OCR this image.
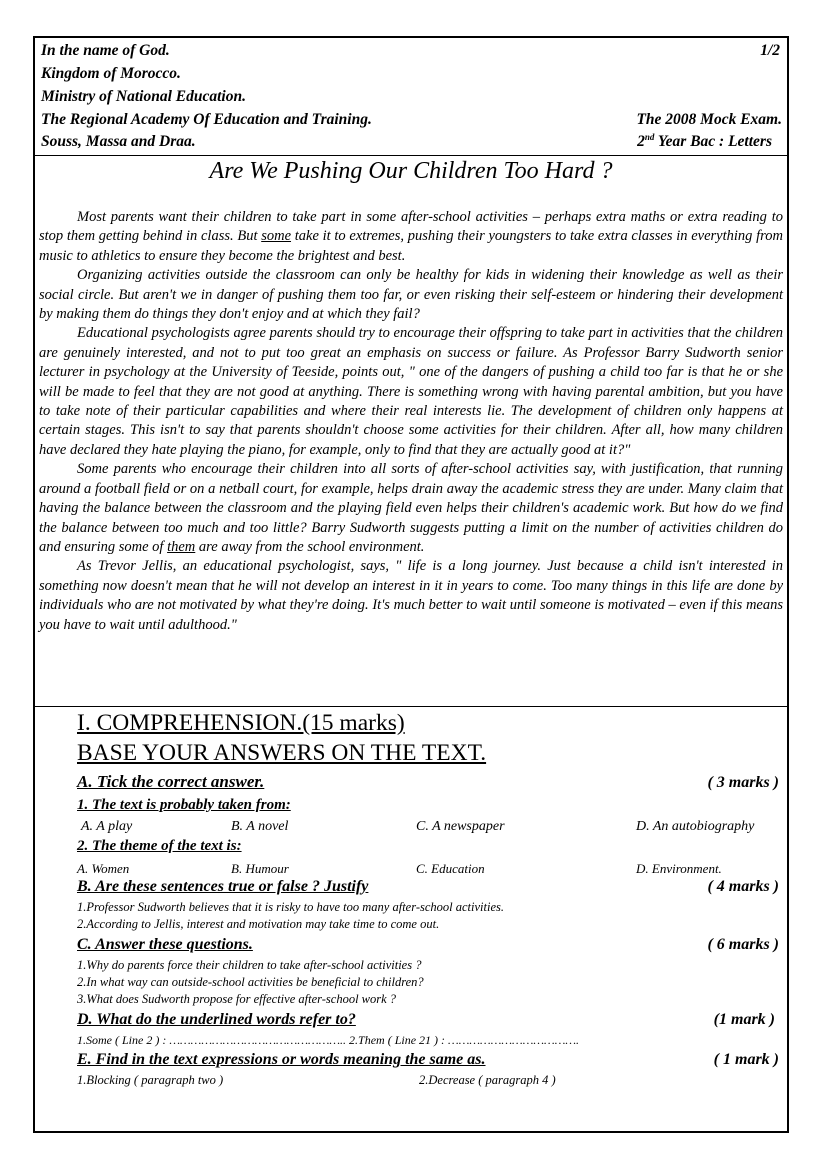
In the name of God.
Kingdom of Morocco.
Ministry of National Education.
The Regional Academy Of Education and Training.
Souss, Massa and Draa.
1/2
The 2008 Mock Exam.
2nd Year Bac : Letters
Are We Pushing Our Children Too Hard ?

Most parents want their children to take part in some after-school activities – perhaps extra maths or extra reading to stop them getting behind in class. But some take it to extremes, pushing their youngsters to take extra classes in everything from music to athletics to ensure they become the brightest and best.

Organizing activities outside the classroom can only be healthy for kids in widening their knowledge as well as their social circle. But aren't we in danger of pushing them too far, or even risking their self-esteem or hindering their development by making them do things they don't enjoy and at which they fail?

Educational psychologists agree parents should try to encourage their offspring to take part in activities that the children are genuinely interested, and not to put too great an emphasis on success or failure. As Professor Barry Sudworth senior lecturer in psychology at the University of Teeside, points out, " one of the dangers of pushing a child too far is that he or she will be made to feel that they are not good at anything. There is something wrong with having parental ambition, but you have to take note of their particular capabilities and where their real interests lie. The development of children only happens at certain stages. This isn't to say that parents shouldn't choose some activities for their children. After all, how many children have declared they hate playing the piano, for example, only to find that they are actually good at it?"

Some parents who encourage their children into all sorts of after-school activities say, with justification, that running around a football field or on a netball court, for example, helps drain away the academic stress they are under. Many claim that having the balance between the classroom and the playing field even helps their children's academic work. But how do we find the balance between too much and too little? Barry Sudworth suggests putting a limit on the number of activities children do and ensuring some of them are away from the school environment.

As Trevor Jellis, an educational psychologist, says, " life is a long journey. Just because a child isn't interested in something now doesn't mean that he will not develop an interest in it in years to come. Too many things in this life are done by individuals who are not motivated by what they're doing. It's much better to wait until someone is motivated – even if this means you have to wait until adulthood."

I. COMPREHENSION.(15 marks)
BASE YOUR ANSWERS ON THE TEXT.
A. Tick the correct answer.	( 3 marks )
1. The text is probably taken from:
A. A play	B. A novel	C. A newspaper	D. An autobiography
2. The theme of the text is:
A. Women	B. Humour	C. Education	D. Environment.
B. Are these sentences true or false ? Justify	( 4 marks )
1.Professor Sudworth believes that it is risky to have too many after-school activities.
2.According to Jellis, interest and motivation may take time to come out.
C. Answer these questions.	( 6 marks )
1.Why do parents force their children to take after-school activities ?
2.In what way can outside-school activities be beneficial to children?
3.What does Sudworth propose for effective after-school work ?
D. What do the underlined words refer to?	(1 mark )
1.Some ( Line 2 ) : ………………………………………….. 2.Them ( Line 21 ) : ……………………………….
E. Find in the text expressions or words meaning the same as.	( 1 mark )
1.Blocking ( paragraph two )	2.Decrease ( paragraph 4 )
